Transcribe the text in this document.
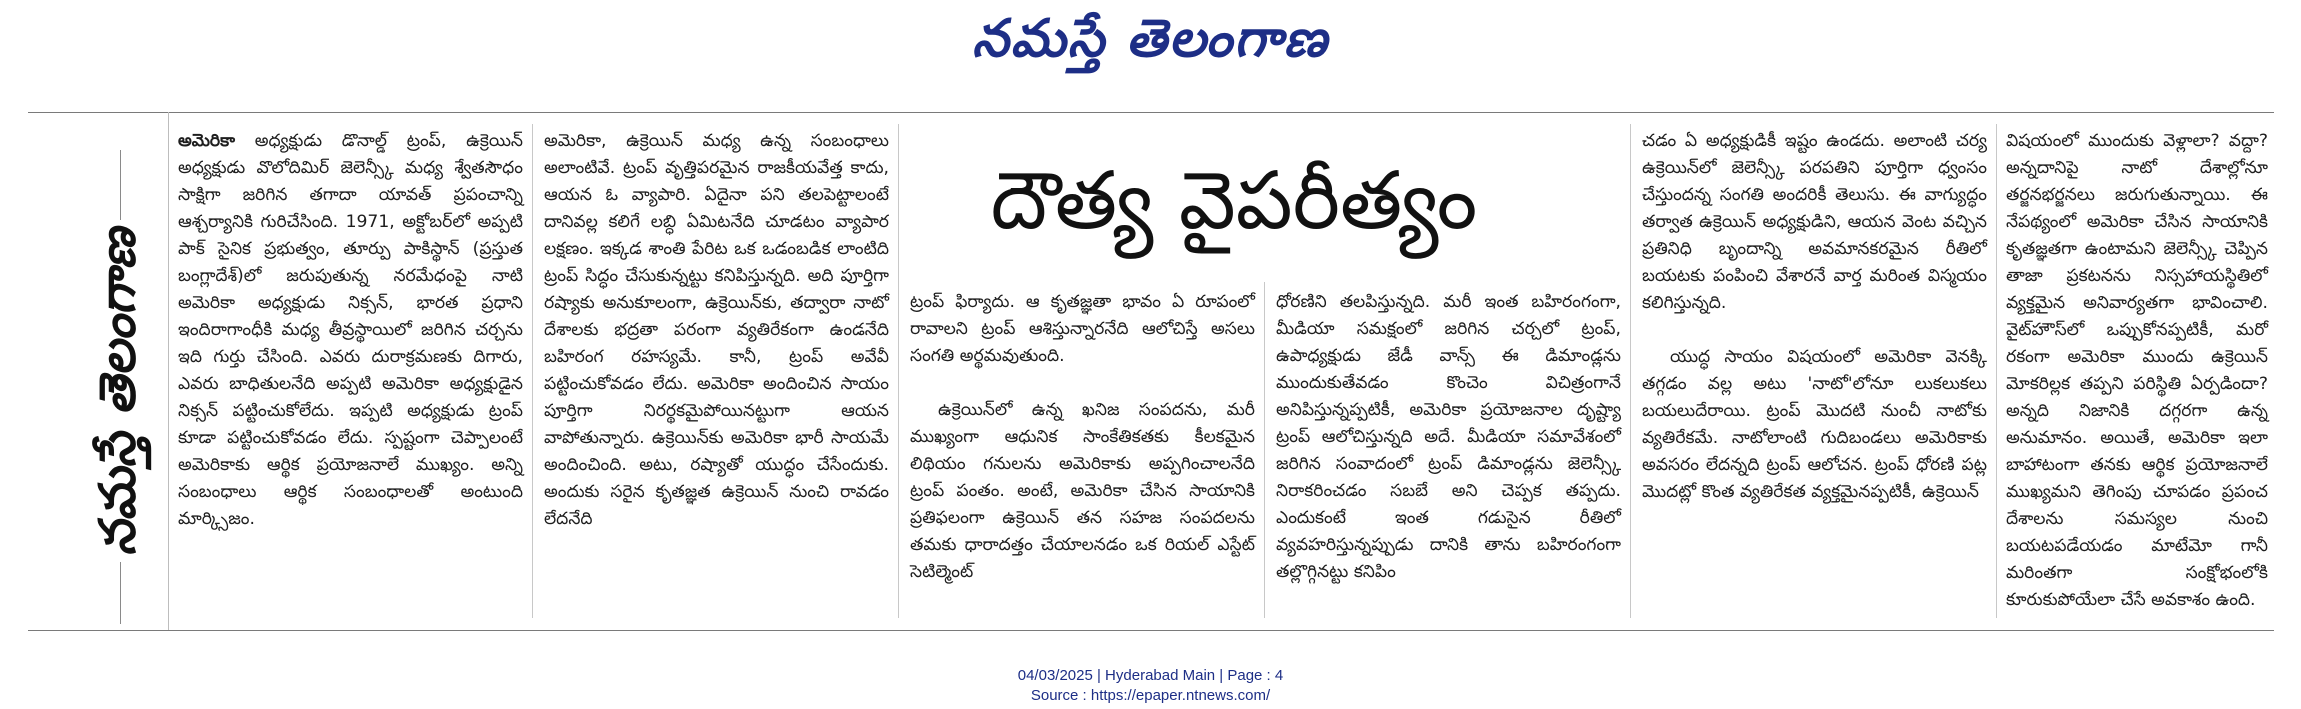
నమస్తే తెలంగాణ
నమస్తే తెలంగాణ

అమెరికా అధ్యక్షుడు డొనాల్డ్ ట్రంప్, ఉక్రెయిన్ అధ్యక్షుడు వొలోదిమిర్ జెలెన్స్కీ మధ్య శ్వేతసౌధం సాక్షిగా జరిగిన తగాదా యావత్ ప్రపంచాన్ని ఆశ్చర్యానికి గురిచేసింది. 1971, అక్టోబర్‌లో అప్పటి పాక్ సైనిక ప్రభుత్వం, తూర్పు పాకిస్థాన్ (ప్రస్తుత బంగ్లాదేశ్)లో జరుపుతున్న నరమేధంపై నాటి అమెరికా అధ్యక్షుడు నిక్సన్, భారత ప్రధాని ఇందిరాగాంధీకి మధ్య తీవ్రస్థాయిలో జరిగిన చర్చను ఇది గుర్తు చేసింది. ఎవరు దురాక్రమణకు దిగారు, ఎవరు బాధితులనేది అప్పటి అమెరికా అధ్యక్షుడైన నిక్సన్ పట్టించుకోలేదు. ఇప్పటి అధ్యక్షుడు ట్రంప్ కూడా పట్టించుకోవడం లేదు. స్పష్టంగా చెప్పాలంటే అమెరికాకు ఆర్థిక ప్రయోజనాలే ముఖ్యం. అన్ని సంబంధాలు ఆర్థిక సంబంధాలతో అంటుంది మార్క్సిజం.

అమెరికా, ఉక్రెయిన్ మధ్య ఉన్న సంబంధాలు అలాంటివే. ట్రంప్ వృత్తిపరమైన రాజకీయవేత్త కాదు, ఆయన ఓ వ్యాపారి. ఏదైనా పని తలపెట్టాలంటే దానివల్ల కలిగే లబ్ధి ఏమిటనేది చూడటం వ్యాపార లక్షణం. ఇక్కడ శాంతి పేరిట ఒక ఒడంబడిక లాంటిది ట్రంప్ సిద్ధం చేసుకున్నట్టు కనిపిస్తున్నది. అది పూర్తిగా రష్యాకు అనుకూలంగా, ఉక్రెయిన్‌కు, తద్వారా నాటో దేశాలకు భద్రతా పరంగా వ్యతిరేకంగా ఉండనేది బహిరంగ రహస్యమే. కానీ, ట్రంప్ అవేవీ పట్టించుకోవడం లేదు. అమెరికా అందించిన సాయం పూర్తిగా నిరర్థకమైపోయినట్టుగా ఆయన వాపోతున్నారు. ఉక్రెయిన్‌కు అమెరికా భారీ సాయమే అందించింది. అటు, రష్యాతో యుద్ధం చేసేందుకు. అందుకు సరైన కృతజ్ఞత ఉక్రెయిన్ నుంచి రావడం లేదనేది

దౌత్య వైపరీత్యం

ట్రంప్ ఫిర్యాదు. ఆ కృతజ్ఞతా భావం ఏ రూపంలో రావాలని ట్రంప్ ఆశిస్తున్నారనేది ఆలోచిస్తే అసలు సంగతి అర్థమవుతుంది.

ఉక్రెయిన్‌లో ఉన్న ఖనిజ సంపదను, మరీ ముఖ్యంగా ఆధునిక సాంకేతికతకు కీలకమైన లిథియం గనులను అమెరికాకు అప్పగించాలనేది ట్రంప్ పంతం. అంటే, అమెరికా చేసిన సాయానికి ప్రతిఫలంగా ఉక్రెయిన్ తన సహజ సంపదలను తమకు ధారాదత్తం చేయాలనడం ఒక రియల్ ఎస్టేట్ సెటిల్మెంట్

ధోరణిని తలపిస్తున్నది. మరీ ఇంత బహిరంగంగా, మీడియా సమక్షంలో జరిగిన చర్చలో ట్రంప్, ఉపాధ్యక్షుడు జేడీ వాన్స్ ఈ డిమాండ్లను ముందుకుతేవడం కొంచెం విచిత్రంగానే అనిపిస్తున్నప్పటికీ, అమెరికా ప్రయోజనాల దృష్ట్యా ట్రంప్ ఆలోచిస్తున్నది అదే. మీడియా సమావేశంలో జరిగిన సంవాదంలో ట్రంప్ డిమాండ్లను జెలెన్స్కీ నిరాకరించడం సబబే అని చెప్పక తప్పదు. ఎందుకంటే ఇంత గడుసైన రీతిలో వ్యవహరిస్తున్నప్పుడు దానికి తాను బహిరంగంగా తల్లొగ్గినట్టు కనిపిం

చడం ఏ అధ్యక్షుడికీ ఇష్టం ఉండదు. అలాంటి చర్య ఉక్రెయిన్‌లో జెలెన్స్కీ పరపతిని పూర్తిగా ధ్వంసం చేస్తుందన్న సంగతి అందరికీ తెలుసు. ఈ వాగ్యుద్ధం తర్వాత ఉక్రెయిన్ అధ్యక్షుడిని, ఆయన వెంట వచ్చిన ప్రతినిధి బృందాన్ని అవమానకరమైన రీతిలో బయటకు పంపించి వేశారనే వార్త మరింత విస్మయం కలిగిస్తున్నది.

యుద్ధ సాయం విషయంలో అమెరికా వెనక్కి తగ్గడం వల్ల అటు 'నాటో'లోనూ లుకలుకలు బయలుదేరాయి. ట్రంప్ మొదటి నుంచీ నాటోకు వ్యతిరేకమే. నాటోలాంటి గుదిబండలు అమెరికాకు అవసరం లేదన్నది ట్రంప్ ఆలోచన. ట్రంప్ ధోరణి పట్ల మొదట్లో కొంత వ్యతిరేకత వ్యక్తమైనప్పటికీ, ఉక్రెయిన్

విషయంలో ముందుకు వెళ్లాలా? వద్దా? అన్నదానిపై నాటో దేశాల్లోనూ తర్జనభర్జనలు జరుగుతున్నాయి. ఈ నేపథ్యంలో అమెరికా చేసిన సాయానికి కృతజ్ఞతగా ఉంటామని జెలెన్స్కీ చెప్పిన తాజా ప్రకటనను నిస్సహాయస్థితిలో వ్యక్తమైన అనివార్యతగా భావించాలి. వైట్‌హౌస్‌లో ఒప్పుకోనప్పటికీ, మరో రకంగా అమెరికా ముందు ఉక్రెయిన్ మోకరిల్లక తప్పని పరిస్థితి ఏర్పడిందా? అన్నది నిజానికి దగ్గరగా ఉన్న అనుమానం. అయితే, అమెరికా ఇలా బాహాటంగా తనకు ఆర్థిక ప్రయోజనాలే ముఖ్యమని తెగింపు చూపడం ప్రపంచ దేశాలను సమస్యల నుంచి బయటపడేయడం మాటేమో గానీ మరింతగా సంక్షోభంలోకి కూరుకుపోయేలా చేసే అవకాశం ఉంది.

04/03/2025 | Hyderabad Main | Page : 4
Source : https://epaper.ntnews.com/
